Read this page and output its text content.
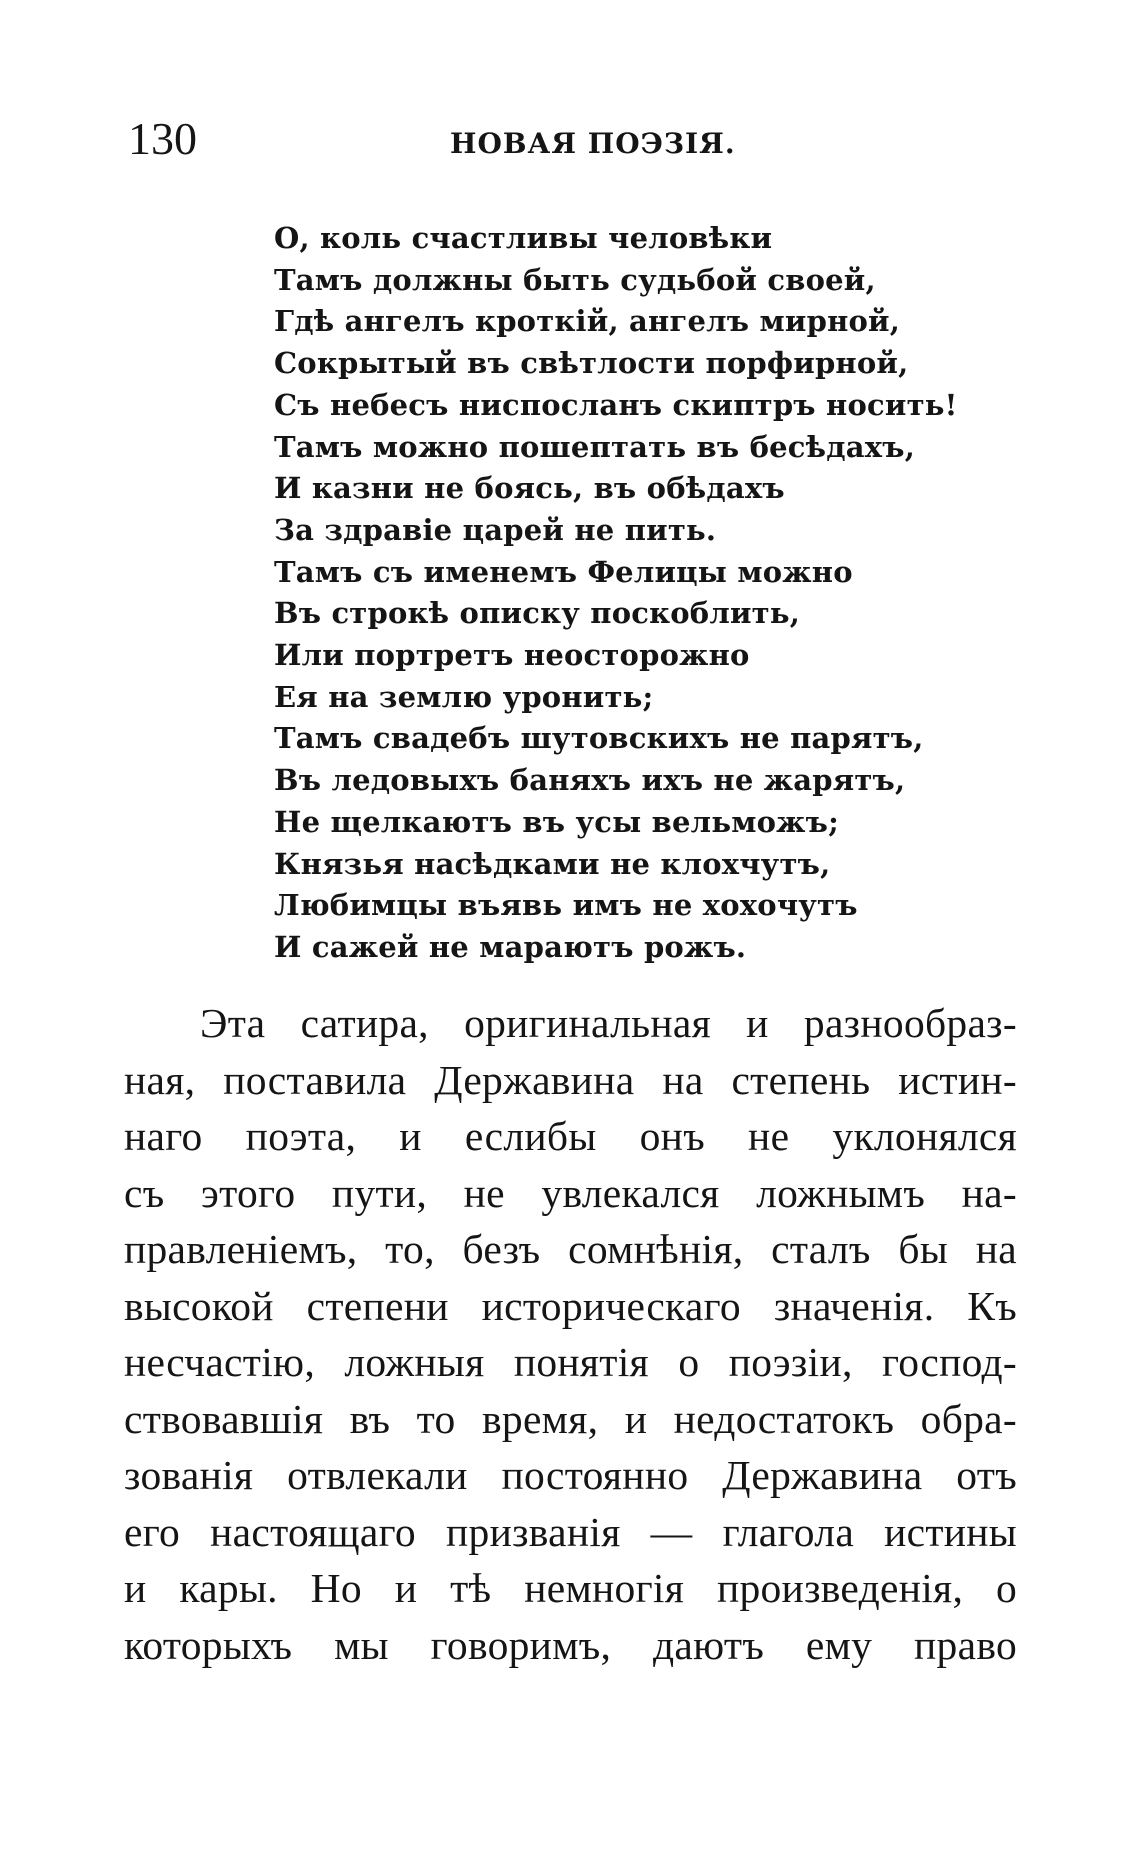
130	НОВАЯ ПОЭЗІЯ.
О, коль счастливы человѣки
Тамъ должны быть судьбой своей,
Гдѣ ангелъ кроткій, ангелъ мирной,
Сокрытый въ свѣтлости порфирной,
Съ небесъ ниспосланъ скиптръ носить!
Тамъ можно пошептать въ бесѣдахъ,
И казни не боясь, въ обѣдахъ
За здравіе царей не пить.
Тамъ съ именемъ Фелицы можно
Въ строкѣ описку поскоблить,
Или портретъ неосторожно
Ея на землю уронить;
Тамъ свадебъ шутовскихъ не парятъ,
Въ ледовыхъ баняхъ ихъ не жарятъ,
Не щелкаютъ въ усы вельможъ;
Князья насѣдками не клохчутъ,
Любимцы въявь имъ не хохочутъ
И сажей не мараютъ рожъ.
Эта сатира, оригинальная и разнообраз-
ная, поставила Державина на степень истин-
наго поэта, и еслибы онъ не уклонялся
съ этого пути, не увлекался ложнымъ на-
правленіемъ, то, безъ сомнѣнія, сталъ бы на
высокой степени историческаго значенія. Къ
несчастію, ложныя понятія о поэзіи, господ-
ствовавшія въ то время, и недостатокъ обра-
зованія отвлекали постоянно Державина отъ
его настоящаго призванія — глагола истины
и кары. Но и тѣ немногія произведенія, о
которыхъ мы говоримъ, даютъ ему право
